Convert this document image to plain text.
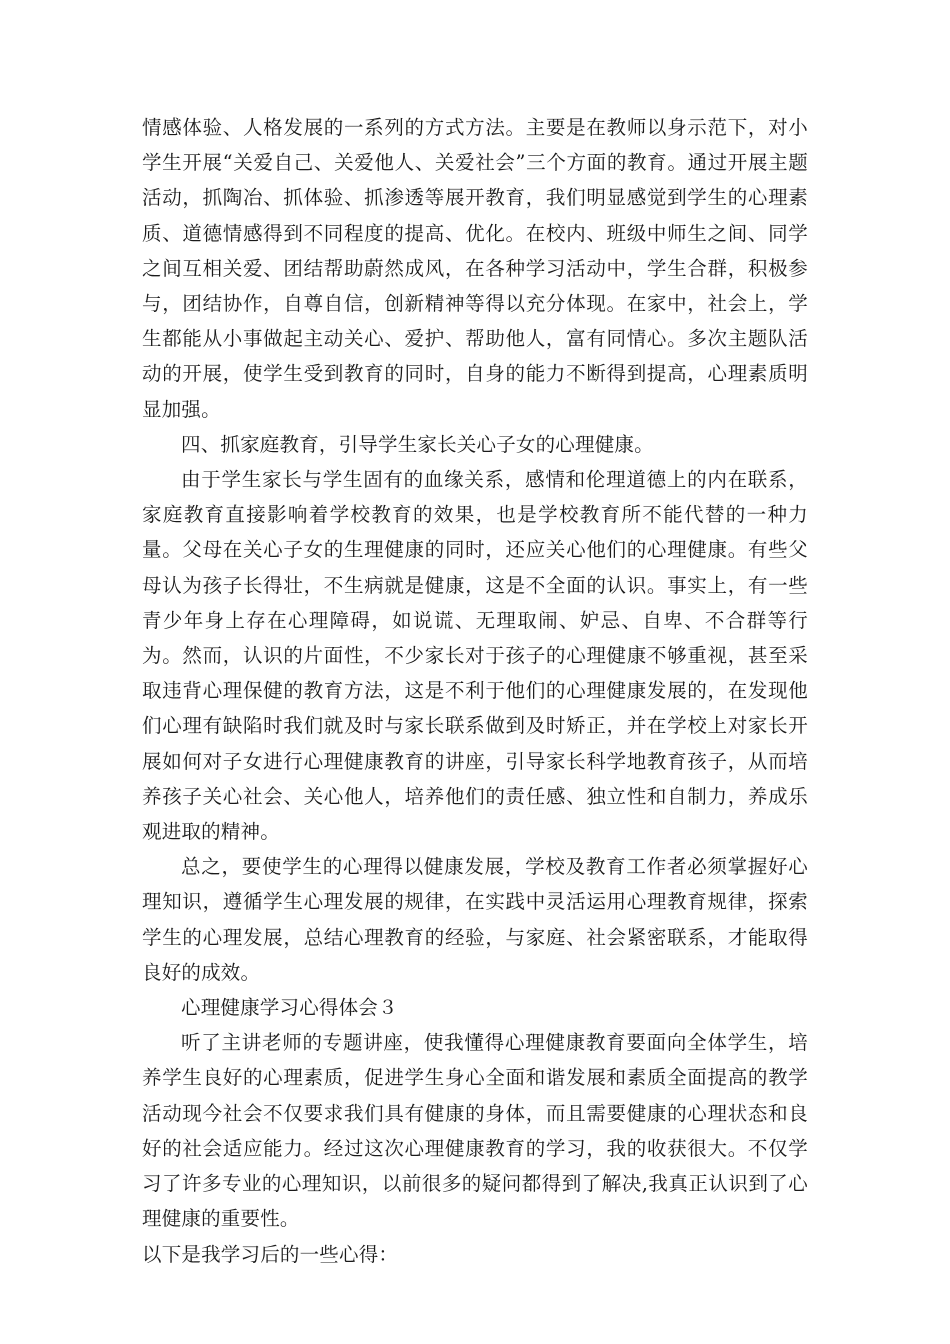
情感体验、人格发展的一系列的方式方法。主要是在教师以身示范下，对小学生开展“关爱自己、关爱他人、关爱社会”三个方面的教育。通过开展主题活动，抓陶冶、抓体验、抓渗透等展开教育，我们明显感觉到学生的心理素质、道德情感得到不同程度的提高、优化。在校内、班级中师生之间、同学之间互相关爱、团结帮助蔚然成风，在各种学习活动中，学生合群，积极参与，团结协作，自尊自信，创新精神等得以充分体现。在家中，社会上，学生都能从小事做起主动关心、爱护、帮助他人，富有同情心。多次主题队活动的开展，使学生受到教育的同时，自身的能力不断得到提高，心理素质明显加强。

四、抓家庭教育，引导学生家长关心子女的心理健康。

由于学生家长与学生固有的血缘关系，感情和伦理道德上的内在联系，家庭教育直接影响着学校教育的效果，也是学校教育所不能代替的一种力量。父母在关心子女的生理健康的同时，还应关心他们的心理健康。有些父母认为孩子长得壮，不生病就是健康，这是不全面的认识。事实上，有一些青少年身上存在心理障碍，如说谎、无理取闹、妒忌、自卑、不合群等行为。然而，认识的片面性，不少家长对于孩子的心理健康不够重视，甚至采取违背心理保健的教育方法，这是不利于他们的心理健康发展的，在发现他们心理有缺陷时我们就及时与家长联系做到及时矫正，并在学校上对家长开展如何对子女进行心理健康教育的讲座，引导家长科学地教育孩子，从而培养孩子关心社会、关心他人，培养他们的责任感、独立性和自制力，养成乐观进取的精神。

总之，要使学生的心理得以健康发展，学校及教育工作者必须掌握好心理知识，遵循学生心理发展的规律，在实践中灵活运用心理教育规律，探索学生的心理发展，总结心理教育的经验，与家庭、社会紧密联系，才能取得良好的成效。

心理健康学习心得体会３

听了主讲老师的专题讲座，使我懂得心理健康教育要面向全体学生，培养学生良好的心理素质，促进学生身心全面和谐发展和素质全面提高的教学活动现今社会不仅要求我们具有健康的身体，而且需要健康的心理状态和良好的社会适应能力。经过这次心理健康教育的学习，我的收获很大。不仅学习了许多专业的心理知识，以前很多的疑问都得到了解决,我真正认识到了心理健康的重要性。

以下是我学习后的一些心得：
